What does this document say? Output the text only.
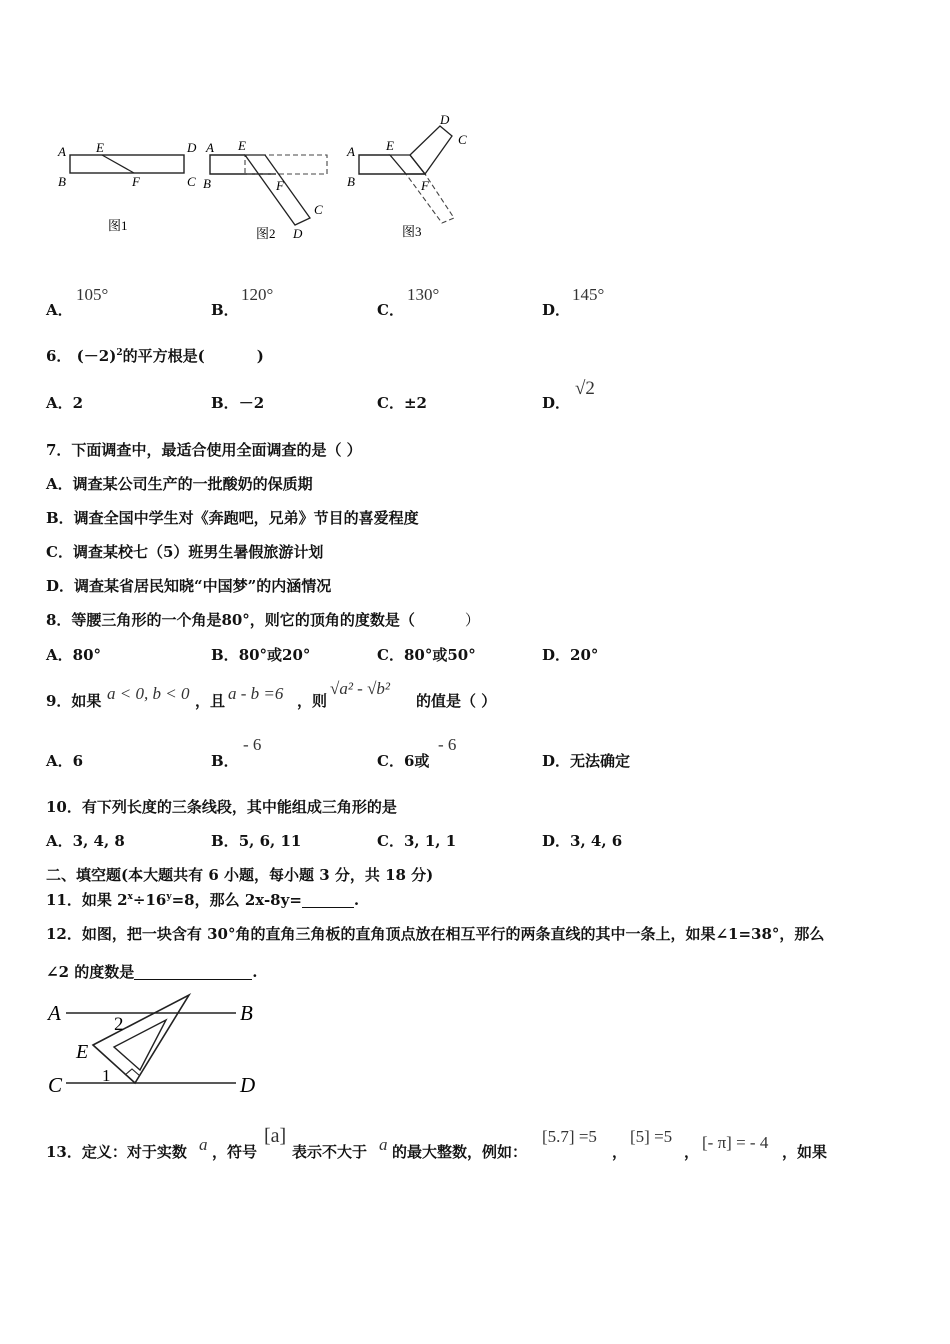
A
B
E
F
D
C
图1
A
B
E
F
C
D
图2
A
B
E
F
D
C
图3
A．
105°
B．
120°
C．
130°
D．
145°
6． $(-2)^2$的平方根是(	)
A．2	B．－2	C．±2	D．
√2
7．下面调查中，最适合使用全面调查的是（ ）
A．调查某公司生产的一批酸奶的保质期
B．调查全国中学生对《奔跑吧，兄弟》节目的喜爱程度
C．调查某校七（5）班男生暑假旅游计划
D．调查某省居民知晓“中国梦”的内涵情况
8．等腰三角形的一个角是80°，则它的顶角的度数是（	）
A．80°	B．80°或20°	C．80°或50°	D．20°
9．如果 a < 0, b < 0 ，且 a - b =6 ，则
√a² - √b²
的值是（ ）
A．6	B．
- 6
C．6或
- 6
D．无法确定
10．有下列长度的三条线段，其中能组成三角形的是
A．3, 4, 8	B．5, 6, 11	C．3, 1, 1	D．3, 4, 6
二、填空题(本大题共有 6 小题，每小题 3 分，共 18 分)
11．如果 $2^x\div 16^y=8$，那么 2x-8y=	.
12．如图，把一块含有 30°角的直角三角板的直角顶点放在相互平行的两条直线的其中一条上，如果∠1=38°，那么
∠2 的度数是	.
A	B
C	D
E
2
1
13．定义：对于实数 a ，符号
[a]
表示不大于 a 的最大整数，例如：
[5.7] =5
，
[5] =5
， [- π] = - 4 ，如果
